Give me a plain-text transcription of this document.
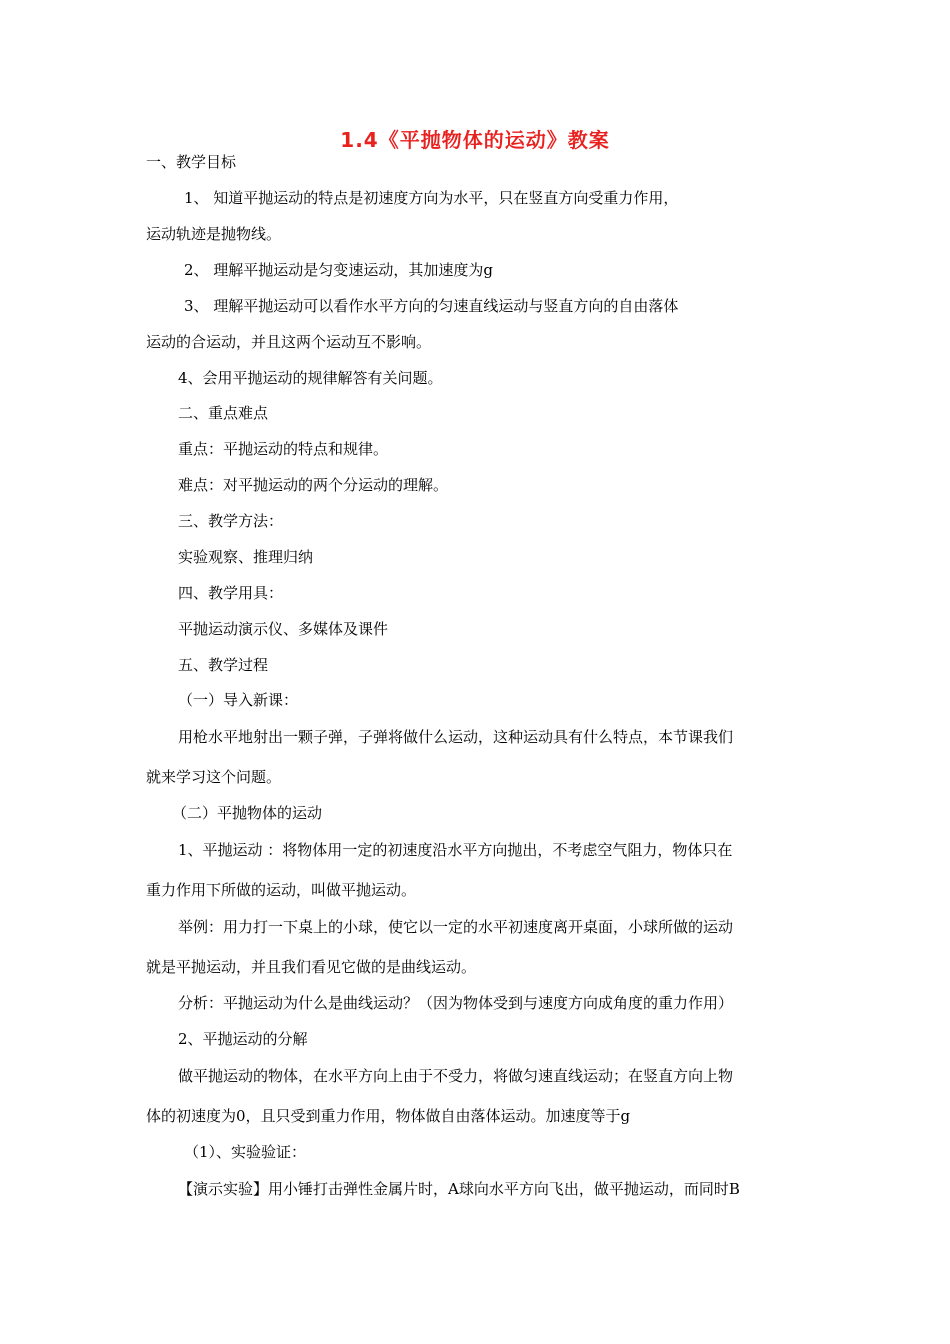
1.4《平抛物体的运动》教案
一、教学目标
1、 知道平抛运动的特点是初速度方向为水平，只在竖直方向受重力作用，
运动轨迹是抛物线。
2、 理解平抛运动是匀变速运动，其加速度为g
3、 理解平抛运动可以看作水平方向的匀速直线运动与竖直方向的自由落体
运动的合运动，并且这两个运动互不影响。
4、会用平抛运动的规律解答有关问题。
二、重点难点
重点：平抛运动的特点和规律。
难点：对平抛运动的两个分运动的理解。
三、教学方法：
实验观察、推理归纳
四、教学用具：
平抛运动演示仪、多媒体及课件
五、教学过程
（一）导入新课：
用枪水平地射出一颗子弹，子弹将做什么运动，这种运动具有什么特点，本节课我们
就来学习这个问题。
（二）平抛物体的运动
1、平抛运动 ：将物体用一定的初速度沿水平方向抛出，不考虑空气阻力，物体只在
重力作用下所做的运动，叫做平抛运动。
举例：用力打一下桌上的小球，使它以一定的水平初速度离开桌面，小球所做的运动
就是平抛运动，并且我们看见它做的是曲线运动。
分析：平抛运动为什么是曲线运动？（因为物体受到与速度方向成角度的重力作用）
2、平抛运动的分解
做平抛运动的物体，在水平方向上由于不受力，将做匀速直线运动；在竖直方向上物
体的初速度为0，且只受到重力作用，物体做自由落体运动。加速度等于g
（1）、实验验证：
【演示实验】用小锤打击弹性金属片时，A球向水平方向飞出，做平抛运动，而同时B
